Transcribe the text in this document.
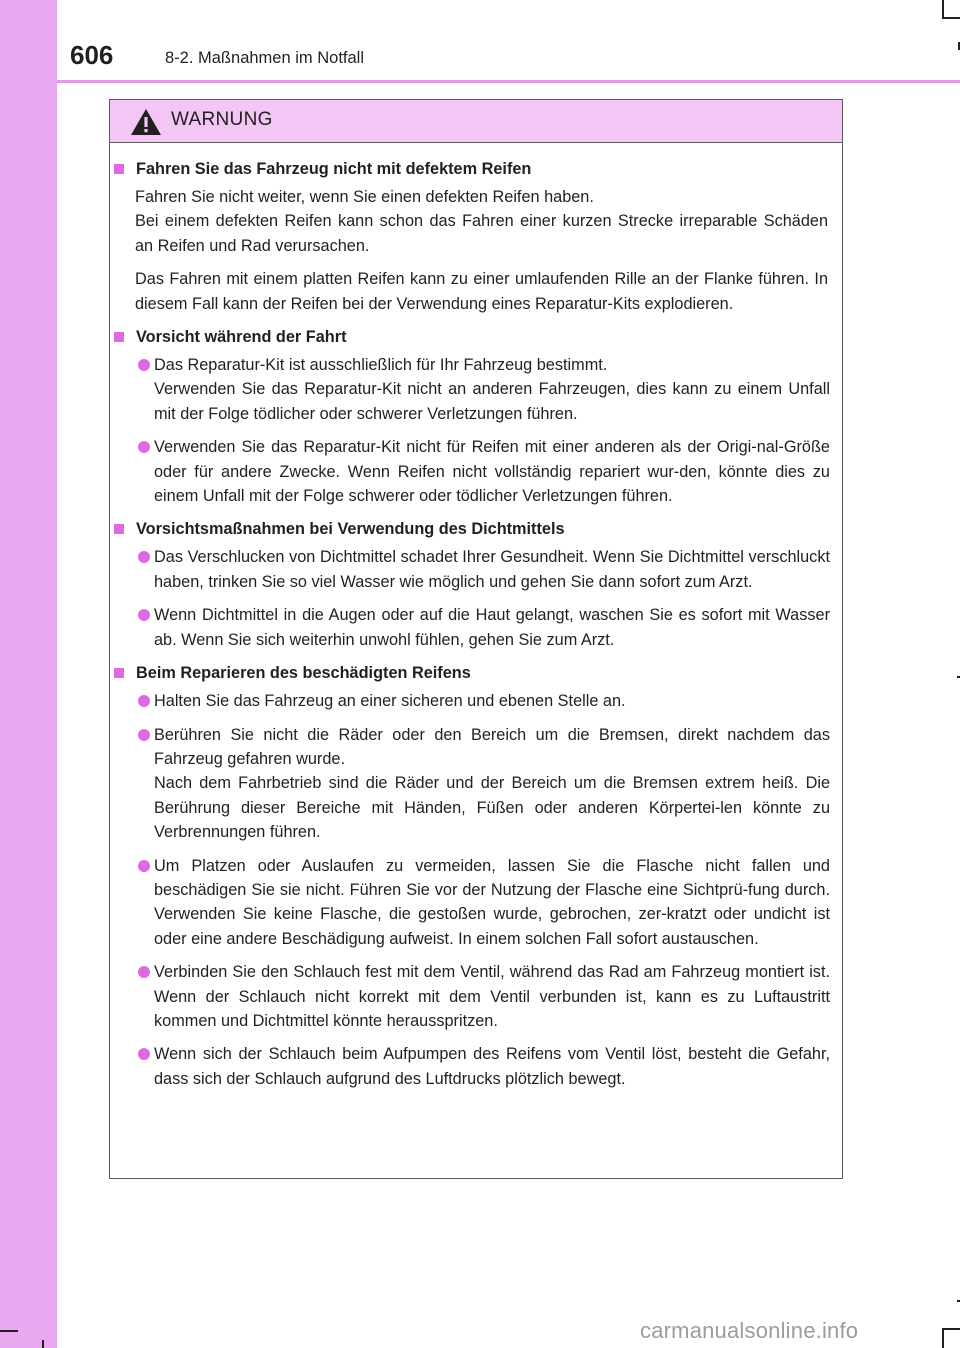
606	8-2. Maßnahmen im Notfall
WARNUNG
Fahren Sie das Fahrzeug nicht mit defektem Reifen
Fahren Sie nicht weiter, wenn Sie einen defekten Reifen haben.
Bei einem defekten Reifen kann schon das Fahren einer kurzen Strecke irreparable Schäden an Reifen und Rad verursachen.
Das Fahren mit einem platten Reifen kann zu einer umlaufenden Rille an der Flanke führen. In diesem Fall kann der Reifen bei der Verwendung eines Reparatur-Kits explodieren.
Vorsicht während der Fahrt
Das Reparatur-Kit ist ausschließlich für Ihr Fahrzeug bestimmt.
Verwenden Sie das Reparatur-Kit nicht an anderen Fahrzeugen, dies kann zu einem Unfall mit der Folge tödlicher oder schwerer Verletzungen führen.
Verwenden Sie das Reparatur-Kit nicht für Reifen mit einer anderen als der Origi-nal-Größe oder für andere Zwecke. Wenn Reifen nicht vollständig repariert wur-den, könnte dies zu einem Unfall mit der Folge schwerer oder tödlicher Verletzungen führen.
Vorsichtsmaßnahmen bei Verwendung des Dichtmittels
Das Verschlucken von Dichtmittel schadet Ihrer Gesundheit. Wenn Sie Dichtmittel verschluckt haben, trinken Sie so viel Wasser wie möglich und gehen Sie dann sofort zum Arzt.
Wenn Dichtmittel in die Augen oder auf die Haut gelangt, waschen Sie es sofort mit Wasser ab. Wenn Sie sich weiterhin unwohl fühlen, gehen Sie zum Arzt.
Beim Reparieren des beschädigten Reifens
Halten Sie das Fahrzeug an einer sicheren und ebenen Stelle an.
Berühren Sie nicht die Räder oder den Bereich um die Bremsen, direkt nachdem das Fahrzeug gefahren wurde.
Nach dem Fahrbetrieb sind die Räder und der Bereich um die Bremsen extrem heiß. Die Berührung dieser Bereiche mit Händen, Füßen oder anderen Körpertei-len könnte zu Verbrennungen führen.
Um Platzen oder Auslaufen zu vermeiden, lassen Sie die Flasche nicht fallen und beschädigen Sie sie nicht. Führen Sie vor der Nutzung der Flasche eine Sichtprü-fung durch. Verwenden Sie keine Flasche, die gestoßen wurde, gebrochen, zer-kratzt oder undicht ist oder eine andere Beschädigung aufweist. In einem solchen Fall sofort austauschen.
Verbinden Sie den Schlauch fest mit dem Ventil, während das Rad am Fahrzeug montiert ist. Wenn der Schlauch nicht korrekt mit dem Ventil verbunden ist, kann es zu Luftaustritt kommen und Dichtmittel könnte herausspritzen.
Wenn sich der Schlauch beim Aufpumpen des Reifens vom Ventil löst, besteht die Gefahr, dass sich der Schlauch aufgrund des Luftdrucks plötzlich bewegt.
carmanualsonline.info
